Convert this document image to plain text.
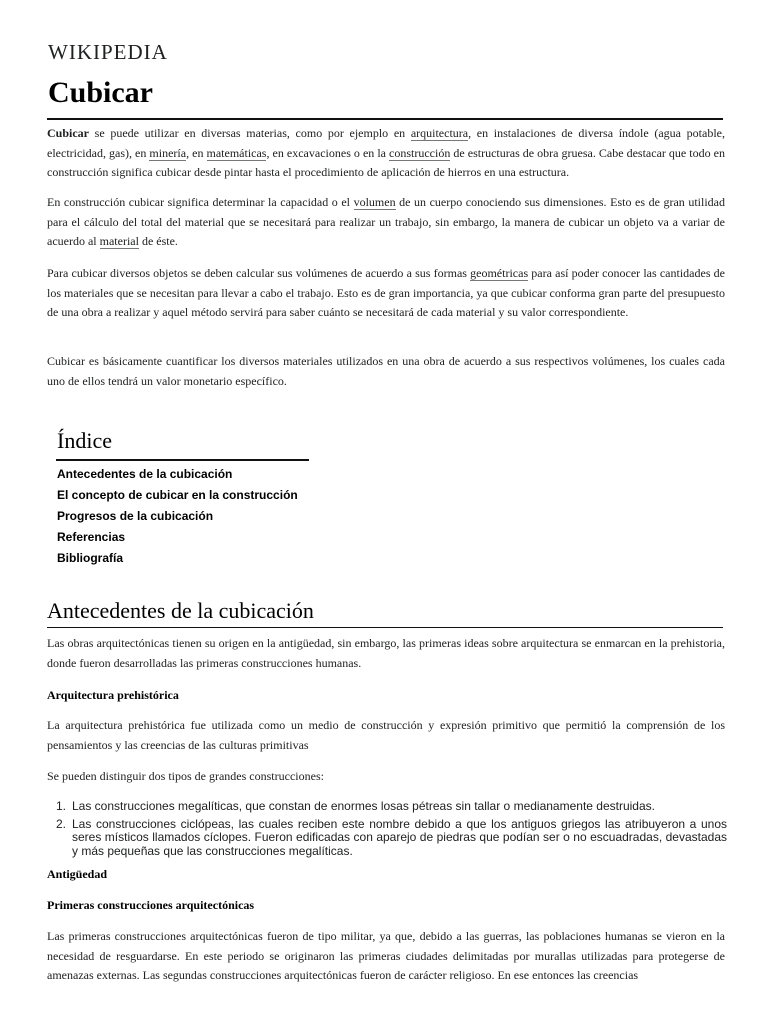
WIKIPEDIA
Cubicar

Cubicar se puede utilizar en diversas materias, como por ejemplo en arquitectura, en instalaciones de diversa índole (agua potable, electricidad, gas), en minería, en matemáticas, en excavaciones o en la construcción de estructuras de obra gruesa. Cabe destacar que todo en construcción significa cubicar desde pintar hasta el procedimiento de aplicación de hierros en una estructura.

En construcción cubicar significa determinar la capacidad o el volumen de un cuerpo conociendo sus dimensiones. Esto es de gran utilidad para el cálculo del total del material que se necesitará para realizar un trabajo, sin embargo, la manera de cubicar un objeto va a variar de acuerdo al material de éste.

Para cubicar diversos objetos se deben calcular sus volúmenes de acuerdo a sus formas geométricas para así poder conocer las cantidades de los materiales que se necesitan para llevar a cabo el trabajo. Esto es de gran importancia, ya que cubicar conforma gran parte del presupuesto de una obra a realizar y aquel método servirá para saber cuánto se necesitará de cada material y su valor correspondiente.

Cubicar es básicamente cuantificar los diversos materiales utilizados en una obra de acuerdo a sus respectivos volúmenes, los cuales cada uno de ellos tendrá un valor monetario específico.

Índice
Antecedentes de la cubicación
El concepto de cubicar en la construcción
Progresos de la cubicación
Referencias
Bibliografía
Antecedentes de la cubicación

Las obras arquitectónicas tienen su origen en la antigüedad, sin embargo, las primeras ideas sobre arquitectura se enmarcan en la prehistoria, donde fueron desarrolladas las primeras construcciones humanas.

Arquitectura prehistórica

La arquitectura prehistórica fue utilizada como un medio de construcción y expresión primitivo que permitió la comprensión de los pensamientos y las creencias de las culturas primitivas

Se pueden distinguir dos tipos de grandes construcciones:

1. Las construcciones megalíticas, que constan de enormes losas pétreas sin tallar o medianamente destruidas.
2. Las construcciones ciclópeas, las cuales reciben este nombre debido a que los antiguos griegos las atribuyeron a unos seres místicos llamados cíclopes. Fueron edificadas con aparejo de piedras que podían ser o no escuadradas, devastadas y más pequeñas que las construcciones megalíticas.
Antigüedad
Primeras construcciones arquitectónicas

Las primeras construcciones arquitectónicas fueron de tipo militar, ya que, debido a las guerras, las poblaciones humanas se vieron en la necesidad de resguardarse. En este periodo se originaron las primeras ciudades delimitadas por murallas utilizadas para protegerse de amenazas externas. Las segundas construcciones arquitectónicas fueron de carácter religioso. En ese entonces las creencias
